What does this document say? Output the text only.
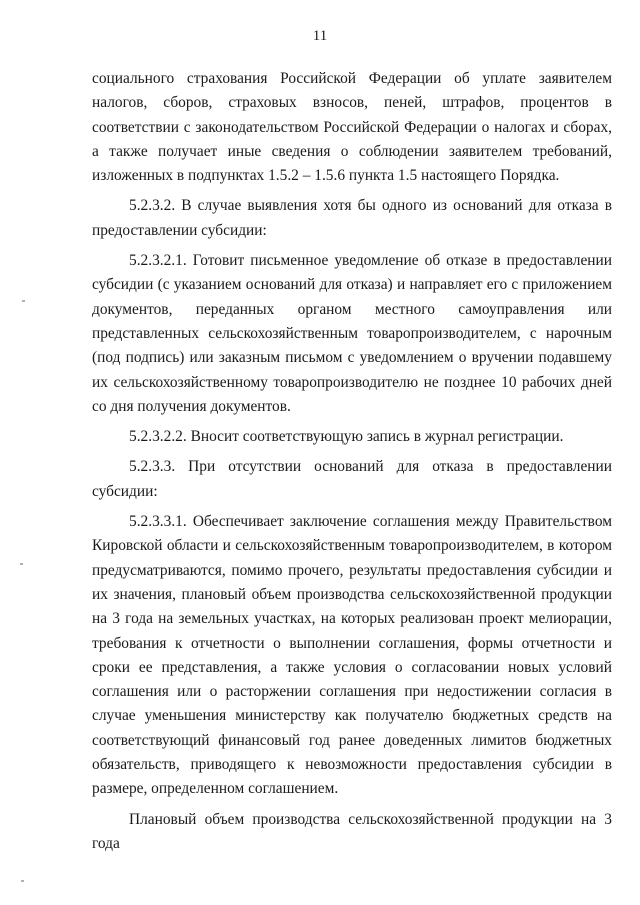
11

социального страхования Российской Федерации об уплате заявителем налогов, сборов, страховых взносов, пеней, штрафов, процентов в соответствии с законодательством Российской Федерации о налогах и сборах, а также получает иные сведения о соблюдении заявителем требований, изложенных в подпунктах 1.5.2 – 1.5.6 пункта 1.5 настоящего Порядка.

5.2.3.2. В случае выявления хотя бы одного из оснований для отказа в предоставлении субсидии:

5.2.3.2.1. Готовит письменное уведомление об отказе в предоставлении субсидии (с указанием оснований для отказа) и направляет его с приложением документов, переданных органом местного самоуправления или представленных сельскохозяйственным товаропроизводителем, с нарочным (под подпись) или заказным письмом с уведомлением о вручении подавшему их сельскохозяйственному товаропроизводителю не позднее 10 рабочих дней со дня получения документов.

5.2.3.2.2. Вносит соответствующую запись в журнал регистрации.

5.2.3.3. При отсутствии оснований для отказа в предоставлении субсидии:

5.2.3.3.1. Обеспечивает заключение соглашения между Правительством Кировской области и сельскохозяйственным товаропроизводителем, в котором предусматриваются, помимо прочего, результаты предоставления субсидии и их значения, плановый объем производства сельскохозяйственной продукции на 3 года на земельных участках, на которых реализован проект мелиорации, требования к отчетности о выполнении соглашения, формы отчетности и сроки ее представления, а также условия о согласовании новых условий соглашения или о расторжении соглашения при недостижении согласия в случае уменьшения министерству как получателю бюджетных средств на соответствующий финансовый год ранее доведенных лимитов бюджетных обязательств, приводящего к невозможности предоставления субсидии в размере, определенном соглашением.

Плановый объем производства сельскохозяйственной продукции на 3 года
